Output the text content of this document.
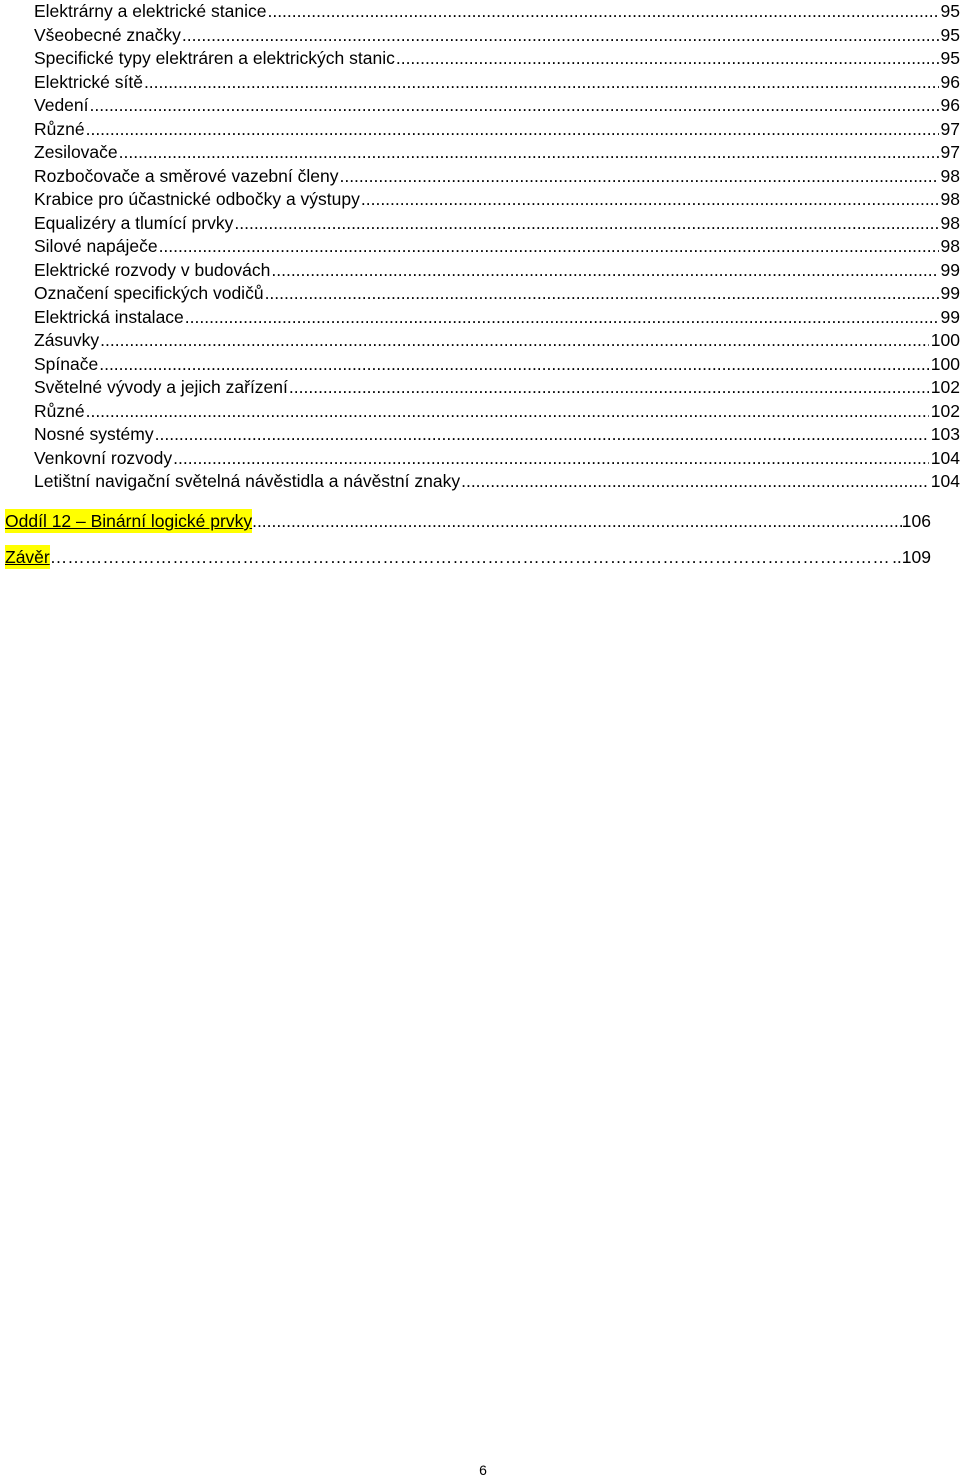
Elektrárny a elektrické stanice .....	95
Všeobecné značky .....	95
Specifické typy elektráren a elektrických stanic .....	95
Elektrické sítě .....	96
Vedení .....	96
Různé .....	97
Zesilovače .....	97
Rozbočovače a směrové vazební členy .....	98
Krabice pro účastnické odbočky a výstupy .....	98
Equalizéry a tlumící prvky .....	98
Silové napáječe .....	98
Elektrické rozvody v budovách .....	99
Označení specifických vodičů .....	99
Elektrická instalace .....	99
Zásuvky .....	100
Spínače .....	100
Světelné vývody a jejich zařízení .....	102
Různé .....	102
Nosné systémy .....	103
Venkovní rozvody .....	104
Letištní navigační světelná návěstidla a návěstní znaky .....	104
Oddíl 12 – Binární logické prvky .....	106
Závěr ……………………………………………………………………………………………………………………………………………………………	..109
6
